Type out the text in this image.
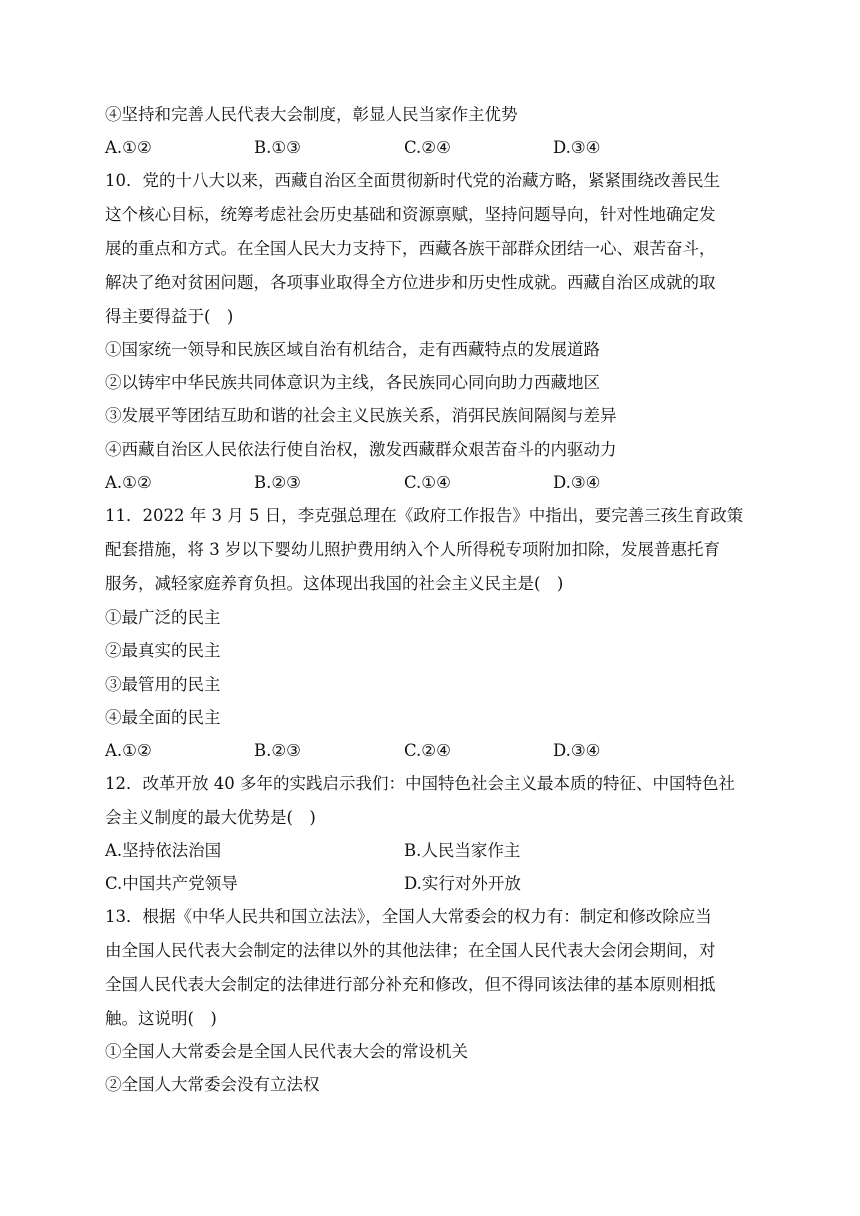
④坚持和完善人民代表大会制度，彰显人民当家作主优势
A.①②	B.①③	C.②④	D.③④
10．党的十八大以来，西藏自治区全面贯彻新时代党的治藏方略，紧紧围绕改善民生
这个核心目标，统筹考虑社会历史基础和资源禀赋，坚持问题导向，针对性地确定发
展的重点和方式。在全国人民大力支持下，西藏各族干部群众团结一心、艰苦奋斗，
解决了绝对贫困问题，各项事业取得全方位进步和历史性成就。西藏自治区成就的取
得主要得益于(　)
①国家统一领导和民族区域自治有机结合，走有西藏特点的发展道路
②以铸牢中华民族共同体意识为主线，各民族同心同向助力西藏地区
③发展平等团结互助和谐的社会主义民族关系，消弭民族间隔阂与差异
④西藏自治区人民依法行使自治权，激发西藏群众艰苦奋斗的内驱动力
A.①②	B.②③	C.①④	D.③④
11．2022 年 3 月 5 日，李克强总理在《政府工作报告》中指出，要完善三孩生育政策
配套措施，将 3 岁以下婴幼儿照护费用纳入个人所得税专项附加扣除，发展普惠托育
服务，减轻家庭养育负担。这体现出我国的社会主义民主是(　)
①最广泛的民主
②最真实的民主
③最管用的民主
④最全面的民主
A.①②	B.②③	C.②④	D.③④
12．改革开放 40 多年的实践启示我们：中国特色社会主义最本质的特征、中国特色社
会主义制度的最大优势是(　)
A.坚持依法治国	B.人民当家作主
C.中国共产党领导	D.实行对外开放
13．根据《中华人民共和国立法法》，全国人大常委会的权力有：制定和修改除应当
由全国人民代表大会制定的法律以外的其他法律；在全国人民代表大会闭会期间，对
全国人民代表大会制定的法律进行部分补充和修改，但不得同该法律的基本原则相抵
触。这说明(　)
①全国人大常委会是全国人民代表大会的常设机关
②全国人大常委会没有立法权
